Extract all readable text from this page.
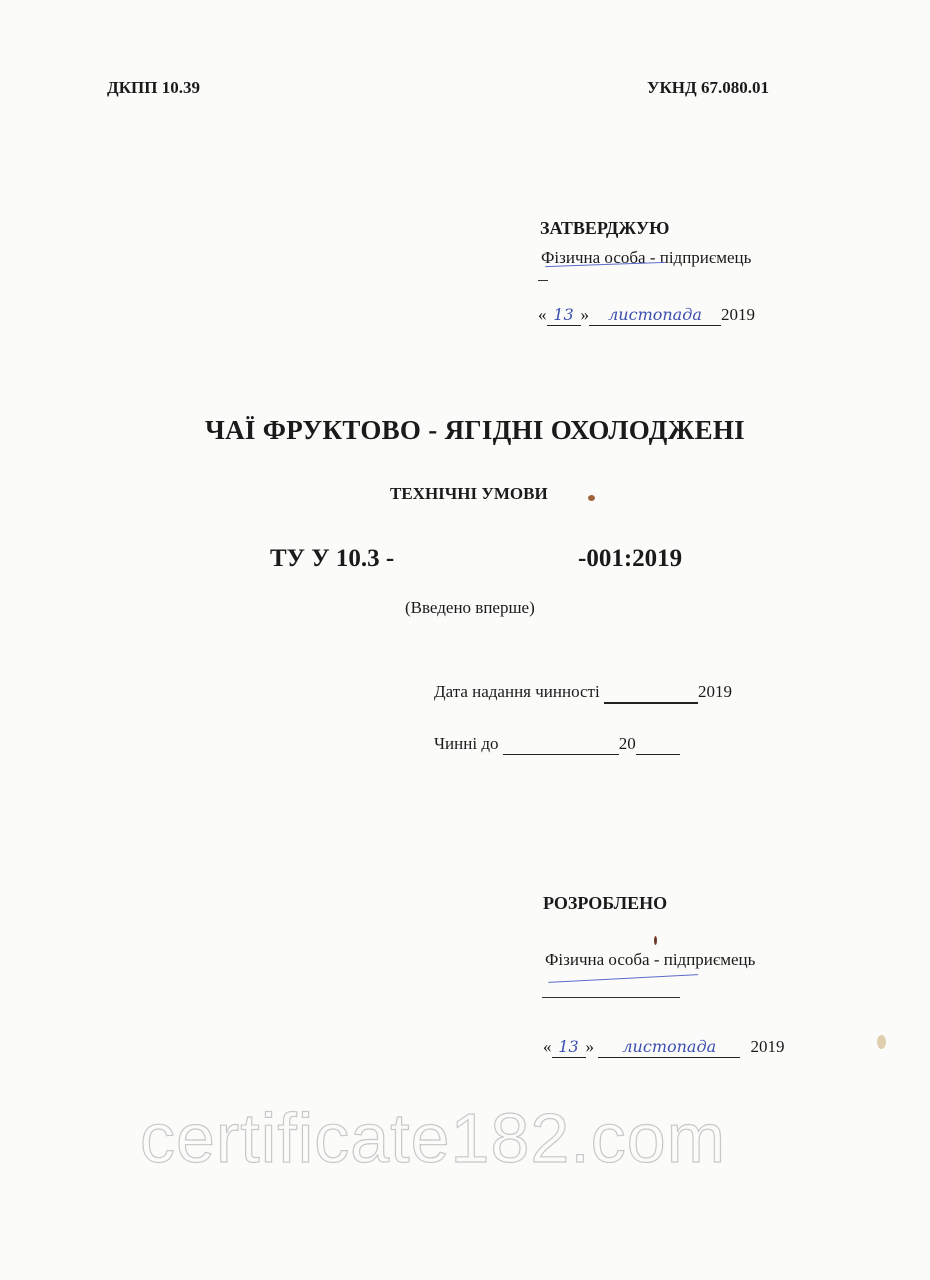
ДКПП 10.39	УКНД 67.080.01
ЗАТВЕРДЖУЮ
Фізична особа - підприємець
« 13 » листопада 2019
ЧАЇ ФРУКТОВО - ЯГІДНІ ОХОЛОДЖЕНІ
ТЕХНІЧНІ УМОВИ
ТУ У 10.3 -	-001:2019
(Введено вперше)
Дата надання чинності	2019
Чинні до	20
РОЗРОБЛЕНО
Фізична особа - підприємець
« 13 » листопада 2019
certificate182.com
